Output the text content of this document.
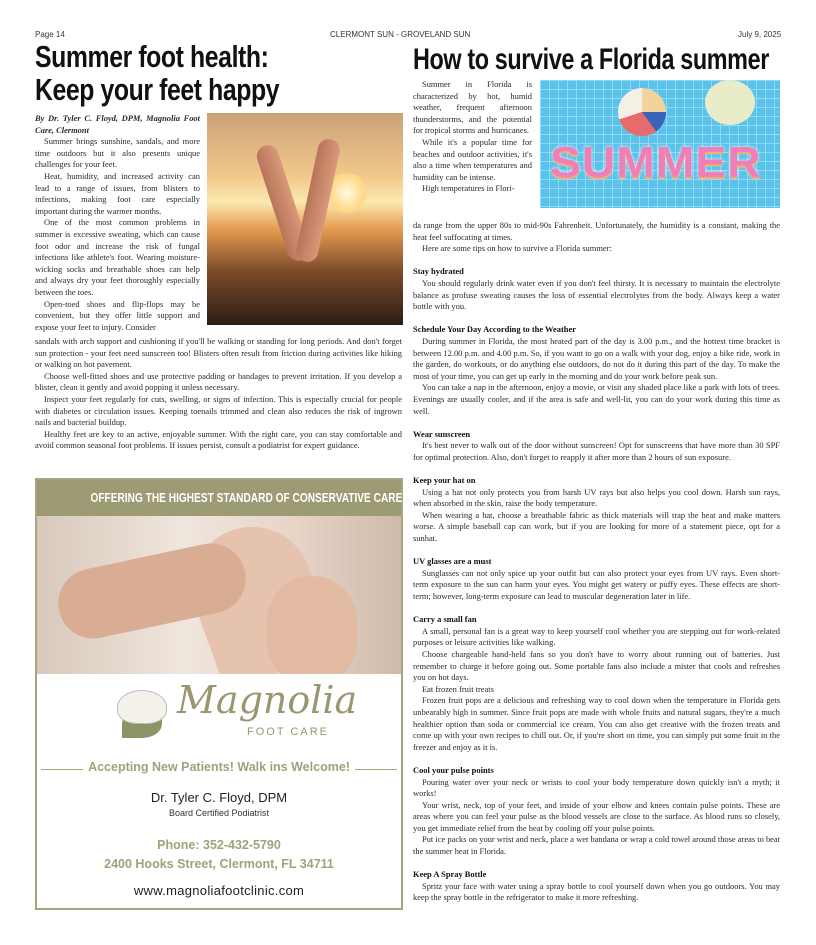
Page 14	CLERMONT SUN - GROVELAND SUN	July 9, 2025
Summer foot health:
Keep your feet happy

By Dr. Tyler C. Floyd, DPM, Magnolia Foot Care, Clermont

Summer brings sunshine, sandals, and more time outdoors but it also presents unique challenges for your feet.

Heat, humidity, and increased activity can lead to a range of issues, from blisters to infections, making foot care especially important during the warmer months.

One of the most common problems in summer is excessive sweating, which can cause foot odor and increase the risk of fungal infections like athlete's foot. Wearing moisture-wicking socks and breathable shoes can help and always dry your feet thoroughly especially between the toes.

Open-toed shoes and flip-flops may be convenient, but they offer little support and expose your feet to injury. Consider

sandals with arch support and cushioning if you'll be walking or standing for long periods. And don't forget sun protection - your feet need sunscreen too! Blisters often result from friction during activities like hiking or walking on hot pavement.

Choose well-fitted shoes and use protective padding or bandages to prevent irritation. If you develop a blister, clean it gently and avoid popping it unless necessary.

Inspect your feet regularly for cuts, swelling, or signs of infection. This is especially crucial for people with diabetes or circulation issues. Keeping toenails trimmed and clean also reduces the risk of ingrown nails and bacterial buildup.

Healthy feet are key to an active, enjoyable summer. With the right care, you can stay comfortable and avoid common seasonal foot problems. If issues persist, consult a podiatrist for expert guidance.

OFFERING THE HIGHEST STANDARD OF CONSERVATIVE CARE IN PODIATRY
Magnolia
FOOT CARE
Accepting New Patients! Walk ins Welcome!
Dr. Tyler C. Floyd, DPM
Board Certified Podiatrist
Phone: 352-432-5790
2400 Hooks Street, Clermont, FL 34711
www.magnoliafootclinic.com
How to survive a Florida summer

Summer in Florida is characterized by hot, humid weather, frequent afternoon thunderstorms, and the potential for tropical storms and hurricanes.

While it's a popular time for beaches and outdoor activities, it's also a time when temperatures and humidity can be intense.

High temperatures in Flori-

SUMMER

da range from the upper 80s to mid-90s Fahrenheit. Unfortunately, the humidity is a constant, making the heat feel suffocating at times.

Here are some tips on how to survive a Florida summer:

Stay hydrated

You should regularly drink water even if you don't feel thirsty. It is necessary to maintain the electrolyte balance as profuse sweating causes the loss of essential electrolytes from the body. Always keep a water bottle with you.

Schedule Your Day According to the Weather

During summer in Florida, the most heated part of the day is 3.00 p.m., and the hottest time bracket is between 12.00 p.m. and 4.00 p.m. So, if you want to go on a walk with your dog, enjoy a bike ride, work in the garden, do workouts, or do anything else outdoors, do not do it during this part of the day. To make the most of your time, you can get up early in the morning and do your work before peak sun.

You can take a nap in the afternoon, enjoy a movie, or visit any shaded place like a park with lots of trees. Evenings are usually cooler, and if the area is safe and well-lit, you can do your work during this time as well.

Wear sunscreen

It's best never to walk out of the door without sunscreen! Opt for sunscreens that have more than 30 SPF for optimal protection. Also, don't forget to reapply it after more than 2 hours of sun exposure.

Keep your hat on

Using a hat not only protects you from harsh UV rays but also helps you cool down. Harsh sun rays, when absorbed in the skin, raise the body temperature.

When wearing a hat, choose a breathable fabric as thick materials will trap the heat and make matters worse. A simple baseball cap can work, but if you are looking for more of a statement piece, opt for a sunhat.

UV glasses are a must

Sunglasses can not only spice up your outfit but can also protect your eyes from UV rays. Even short-term exposure to the sun can harm your eyes. You might get watery or puffy eyes. These effects are short-term; however, long-term exposure can lead to muscular degeneration later in life.

Carry a small fan

A small, personal fan is a great way to keep yourself cool whether you are stepping out for work-related purposes or leisure activities like walking.

Choose chargeable hand-held fans so you don't have to worry about running out of batteries. Just remember to charge it before going out. Some portable fans also include a mister that cools and refreshes you on hot days.

Eat frozen fruit treats

Frozen fruit pops are a delicious and refreshing way to cool down when the temperature in Florida gets unbearably high in summer. Since fruit pops are made with whole fruits and natural sugars, they're a much healthier option than soda or commercial ice cream. You can also get creative with the frozen treats and come up with your own recipes to chill out. Or, if you're short on time, you can simply put some fruit in the freezer and enjoy as it is.

Cool your pulse points

Pouring water over your neck or wrists to cool your body temperature down quickly isn't a myth; it works!

Your wrist, neck, top of your feet, and inside of your elbow and knees contain pulse points. These are areas where you can feel your pulse as the blood vessels are close to the surface. As blood runs so closely, you get immediate relief from the heat by cooling off your pulse points.

Put ice packs on your wrist and neck, place a wet bandana or wrap a cold towel around those areas to beat the summer heat in Florida.

Keep A Spray Bottle

Spritz your face with water using a spray bottle to cool yourself down when you go outdoors. You may keep the spray bottle in the refrigerator to make it more refreshing.
